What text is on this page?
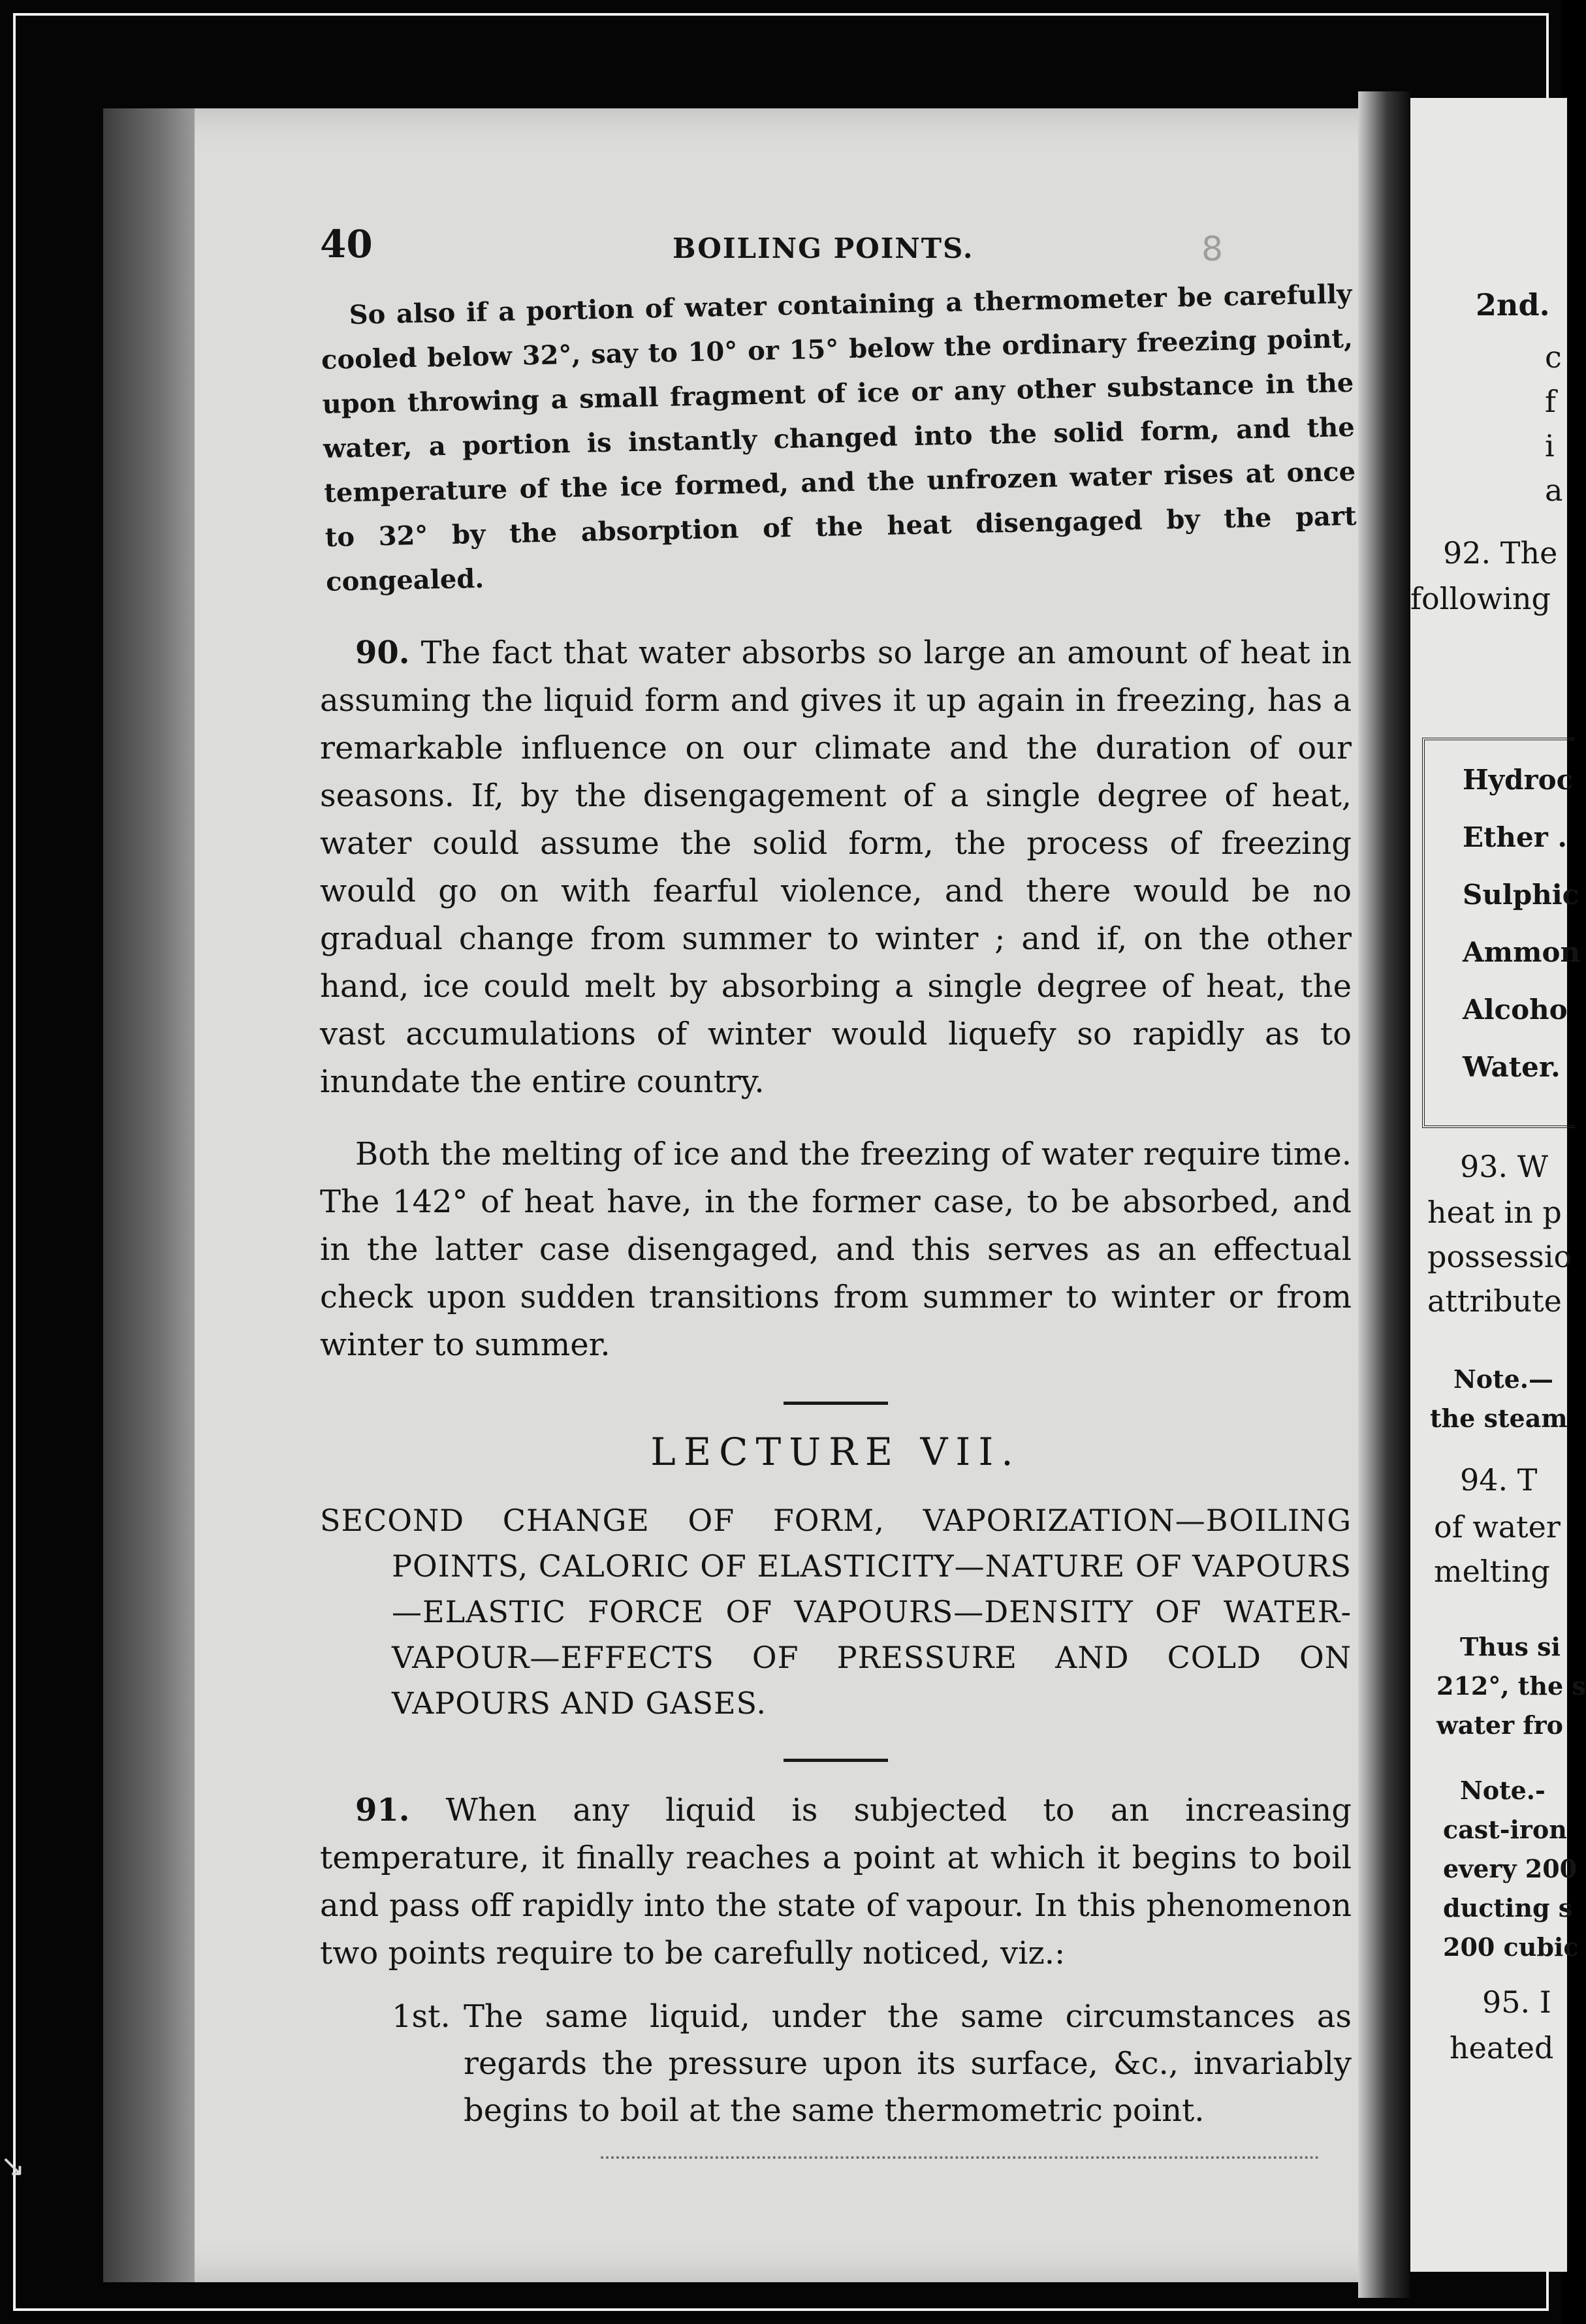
8
40	BOILING POINTS.

So also if a portion of water containing a thermometer be carefully cooled below 32°, say to 10° or 15° below the ordinary freezing point, upon throwing a small fragment of ice or any other substance in the water, a portion is instantly changed into the solid form, and the temperature of the ice formed, and the unfrozen water rises at once to 32° by the absorption of the heat disengaged by the part congealed.

90. The fact that water absorbs so large an amount of heat in assuming the liquid form and gives it up again in freezing, has a remarkable influence on our climate and the duration of our seasons. If, by the disengagement of a single degree of heat, water could assume the solid form, the process of freezing would go on with fearful violence, and there would be no gradual change from summer to winter ; and if, on the other hand, ice could melt by absorbing a single degree of heat, the vast accumulations of winter would liquefy so rapidly as to inundate the entire country.

Both the melting of ice and the freezing of water require time. The 142° of heat have, in the former case, to be absorbed, and in the latter case disengaged, and this serves as an effectual check upon sudden transitions from summer to winter or from winter to summer.

LECTURE VII.
SECOND CHANGE OF FORM, VAPORIZATION—BOILING POINTS, CALORIC OF ELASTICITY—NATURE OF VAPOURS—ELASTIC FORCE OF VAPOURS—DENSITY OF WATER-VAPOUR—EFFECTS OF PRESSURE AND COLD ON VAPOURS AND GASES.

91. When any liquid is subjected to an increasing temperature, it finally reaches a point at which it begins to boil and pass off rapidly into the state of vapour. In this phenomenon two points require to be carefully noticed, viz.:

1st. The same liquid, under the same circumstances as regards the pressure upon its surface, &c., invariably begins to boil at the same thermometric point.
2nd.
c
f
i
a
92. The
following
93. W
heat in p
possessio
attribute
Note.—
the steam
94. T
of water
melting
Thus si
212°, the s
water fro
Note.-
cast-iron
every 200
ducting s
200 cubic
95. I
heated
Hydroc
Ether .
Sulphic
Ammon
Alcoho
Water.
↘
